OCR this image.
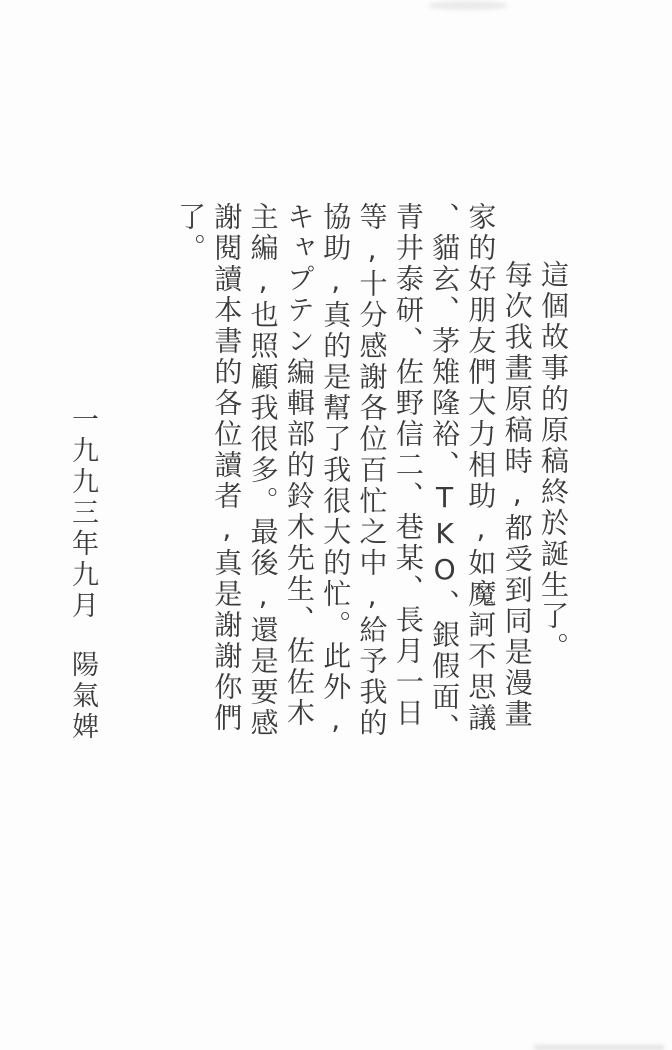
這個故事的原稿終於誕生了。
每次我畫原稿時,都受到同是漫畫
家的好朋友們大力相助,如魔訶不思議
、貓玄、茅雉隆裕、TKO、銀假面、
青井泰研、佐野信二、巷某、長月一日
等,十分感謝各位百忙之中,給予我的
協助,真的是幫了我很大的忙。此外,
キャプテン編輯部的鈴木先生、佐佐木
主編,也照顧我很多。最後,還是要感
謝閱讀本書的各位讀者,真是謝謝你們
了。
一九九三年九月陽氣婢
